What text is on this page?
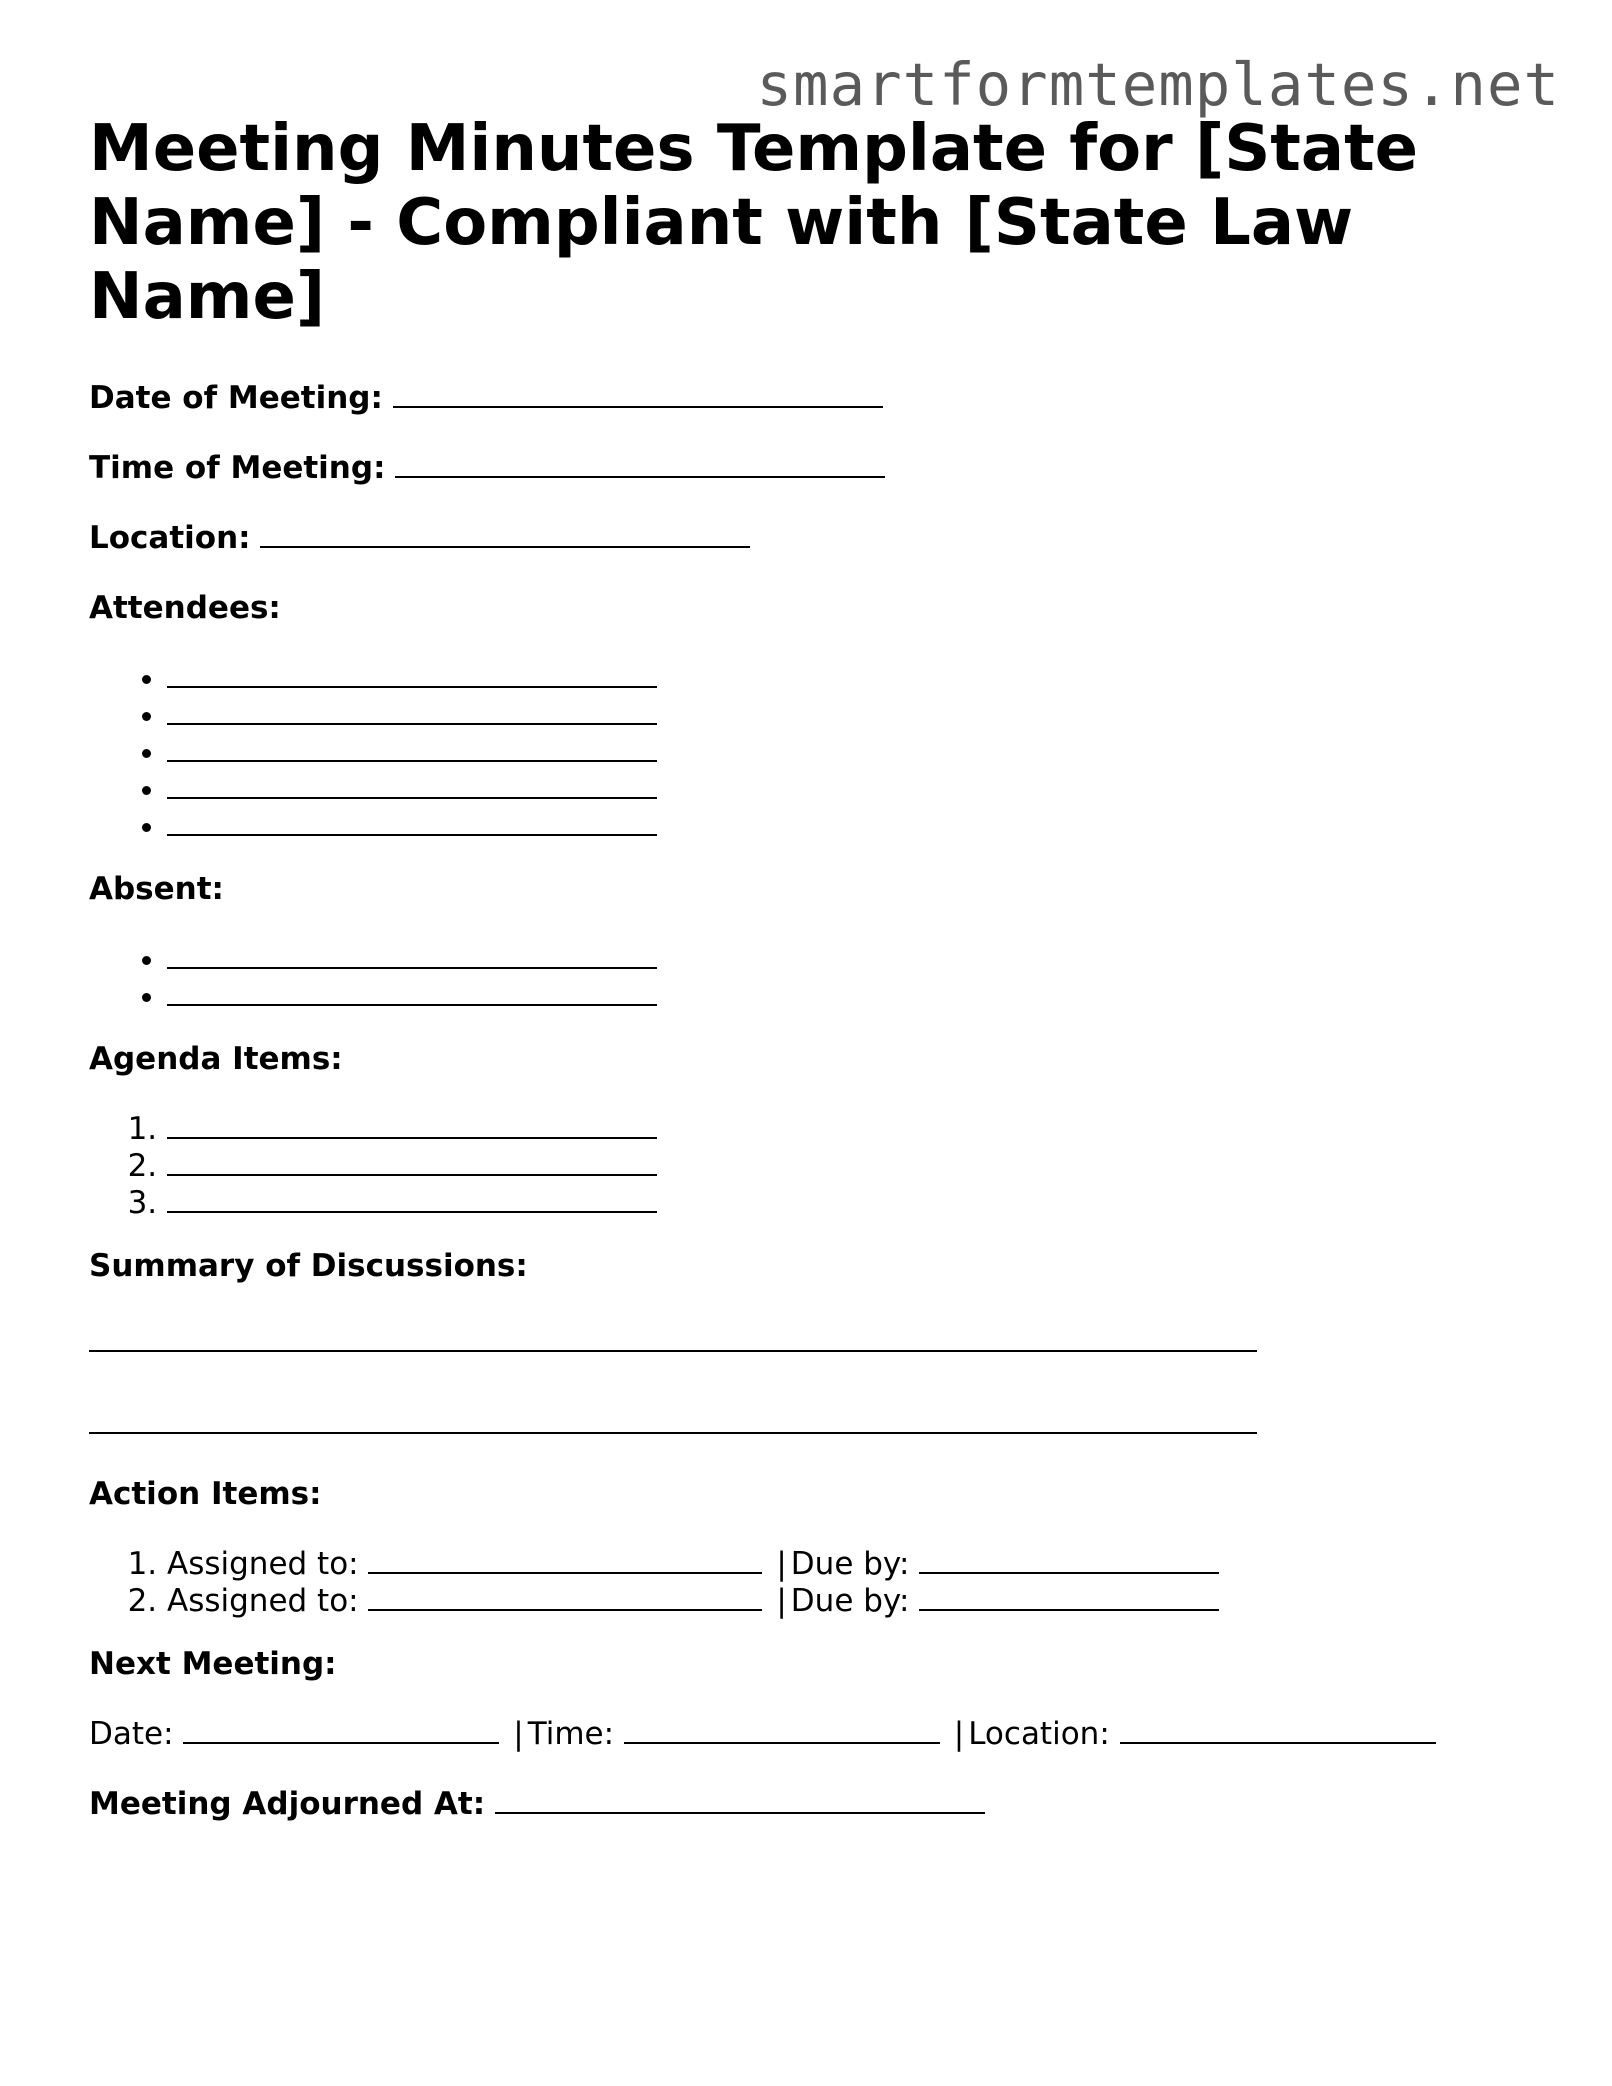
smartformtemplates.net
Meeting Minutes Template for [State Name] - Compliant with [State Law Name]
Date of Meeting:
Time of Meeting:
Location:
Attendees:
•
•
•
•
•
Absent:
•
•
Agenda Items:
1.
2.
3.
Summary of Discussions:
Action Items:
1. Assigned to:	| Due by:
2. Assigned to:	| Due by:
Next Meeting:
Date:	| Time:	| Location:
Meeting Adjourned At:
